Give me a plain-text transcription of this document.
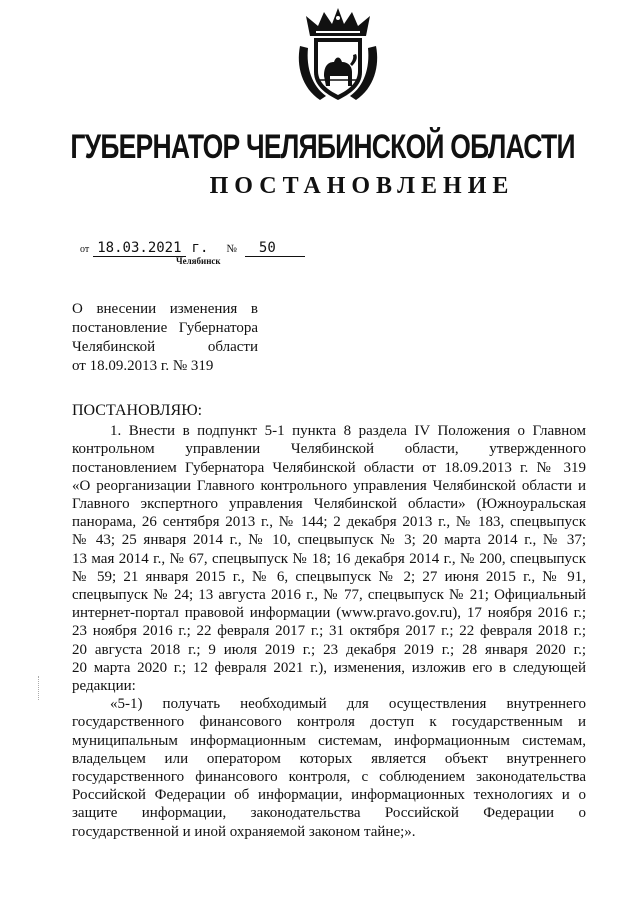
ГУБЕРНАТОР ЧЕЛЯБИНСКОЙ ОБЛАСТИ
ПОСТАНОВЛЕНИЕ
от 18.03.2021 г. № 50
Челябинск
О внесении изменения в
постановление Губернатора
Челябинской области
от 18.09.2013 г. № 319
ПОСТАНОВЛЯЮ:
1. Внести в подпункт 5-1 пункта 8 раздела IV Положения о Главном
контрольном управлении Челябинской области, утвержденного
постановлением Губернатора Челябинской области от 18.09.2013 г. № 319
«О реорганизации Главного контрольного управления Челябинской области и
Главного экспертного управления Челябинской области» (Южноуральская
панорама, 26 сентября 2013 г., № 144; 2 декабря 2013 г., № 183, спецвыпуск
№ 43; 25 января 2014 г., № 10, спецвыпуск № 3; 20 марта 2014 г., № 37;
13 мая 2014 г., № 67, спецвыпуск № 18; 16 декабря 2014 г., № 200, спецвыпуск
№ 59; 21 января 2015 г., № 6, спецвыпуск № 2; 27 июня 2015 г., № 91,
спецвыпуск № 24; 13 августа 2016 г., № 77, спецвыпуск № 21; Официальный
интернет-портал правовой информации (www.pravo.gov.ru), 17 ноября 2016 г.;
23 ноября 2016 г.; 22 февраля 2017 г.; 31 октября 2017 г.; 22 февраля 2018 г.;
20 августа 2018 г.; 9 июля 2019 г.; 23 декабря 2019 г.; 28 января 2020 г.;
20 марта 2020 г.; 12 февраля 2021 г.), изменения, изложив его в следующей
редакции:
«5-1) получать необходимый для осуществления внутреннего
государственного финансового контроля доступ к государственным и
муниципальным информационным системам, информационным системам,
владельцем или оператором которых является объект внутреннего
государственного финансового контроля, с соблюдением законодательства
Российской Федерации об информации, информационных технологиях и о
защите информации, законодательства Российской Федерации о
государственной и иной охраняемой законом тайне;».
